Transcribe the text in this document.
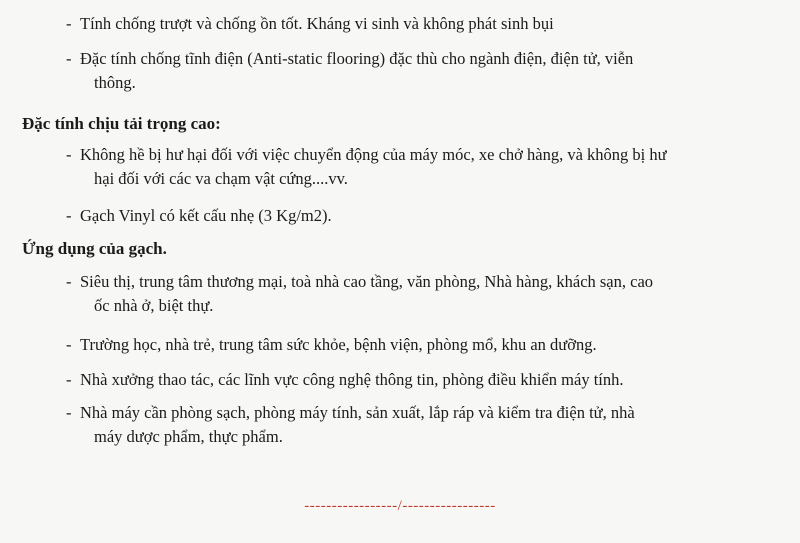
- Tính chống trượt và chống ồn tốt. Kháng vi sinh và không phát sinh bụi
- Đặc tính chống tĩnh điện (Anti-static flooring) đặc thù cho ngành điện, điện tử, viễn
thông.
Đặc tính chịu tải trọng cao:
- Không hề bị hư hại đối với việc chuyển động của máy móc, xe chở hàng, và không bị hư
hại đối với các va chạm vật cứng....vv.
- Gạch Vinyl có kết cấu nhẹ (3 Kg/m2).
Ứng dụng của gạch.
- Siêu thị, trung tâm thương mại, toà nhà cao tầng, văn phòng, Nhà hàng, khách sạn, cao
ốc nhà ở, biệt thự.
- Trường học, nhà trẻ, trung tâm sức khỏe, bệnh viện, phòng mổ, khu an dưỡng.
- Nhà xưởng thao tác, các lĩnh vực công nghệ thông tin, phòng điều khiển máy tính.
- Nhà máy cần phòng sạch, phòng máy tính, sản xuất, lắp ráp và kiểm tra điện tử, nhà
máy dược phẩm, thực phẩm.
-----------------/-----------------
